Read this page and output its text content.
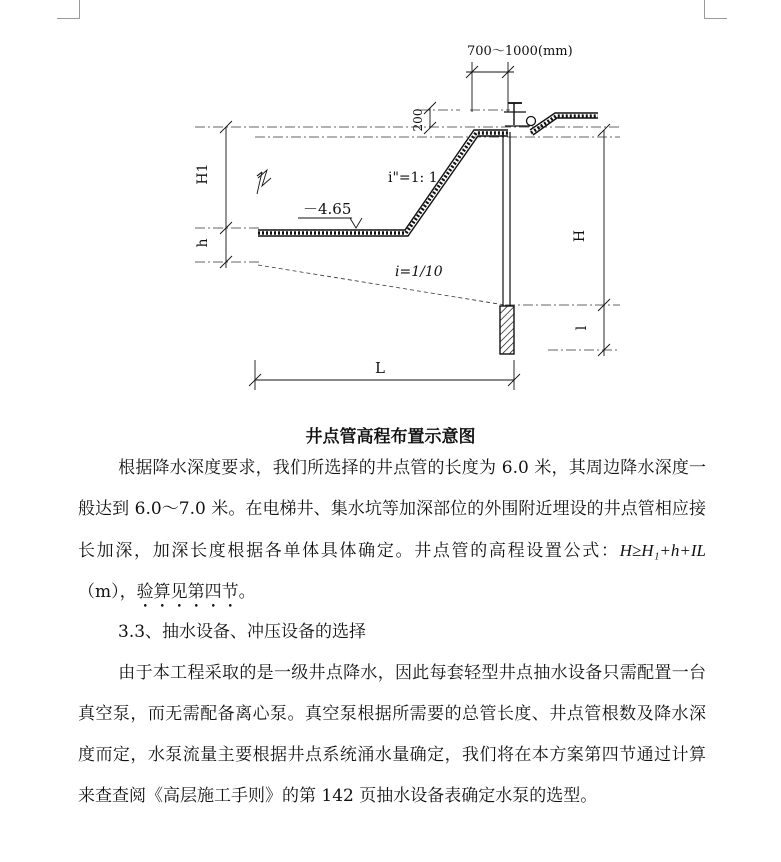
700～1000(mm)
200
H1	i"=1: 1
－4.65
h
i=1/10
H
l
L
井点管高程布置示意图

根据降水深度要求，我们所选择的井点管的长度为 6.0 米，其周边降水深度一般达到 6.0～7.0 米。在电梯井、集水坑等加深部位的外围附近埋设的井点管相应接长加深，加深长度根据各单体具体确定。井点管的高程设置公式：H≥H₁+h+IL（m），验算见第四节。

3.3、抽水设备、冲压设备的选择

由于本工程采取的是一级井点降水，因此每套轻型井点抽水设备只需配置一台真空泵，而无需配备离心泵。真空泵根据所需要的总管长度、井点管根数及降水深度而定，水泵流量主要根据井点系统涌水量确定，我们将在本方案第四节通过计算来查查阅《高层施工手则》的第 142 页抽水设备表确定水泵的选型。
